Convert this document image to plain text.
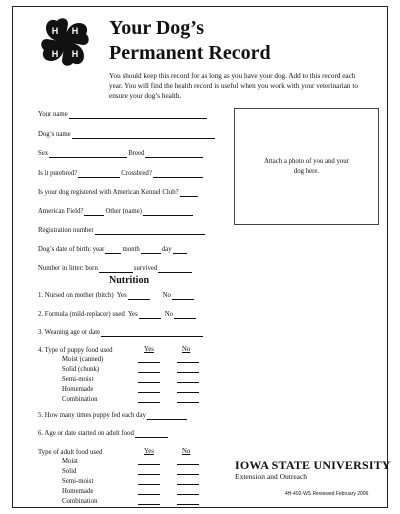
H H
H
H
Your Dog’s
Permanent Record
You should keep this record for as long as you have your dog. Add to this record each year. You will find the health record is useful when you work with your veterinarian to ensure your dog’s health.
Your name
Dog’s name
Sex	Breed
Is it purebred?	Crossbred?
Is your dog registered with American Kennel Club?
American Field?	Other (name)
Registration number
Dog’s date of birth: year	month	day
Number in litter: born	survived
Attach a photo of you and your dog here.
Nutrition
1. Nursed on mother (bitch) Yes	No
2. Formula (mild-replacer) used Yes	No
3. Weaning age or date
4. Type of puppy food used	Yes	No
Moist (canned)
Solid (chunk)
Semi-moist
Homemade
Combination
5. How many times puppy fed each day
6. Age or date started on adult food
Type of adult food used	Yes	No
Moist
Solid
Semi-moist
Homemade
Combination
IOWA STATE UNIVERSITY
Extension and Outreach
4H-402-WS Reviewed February 2006
